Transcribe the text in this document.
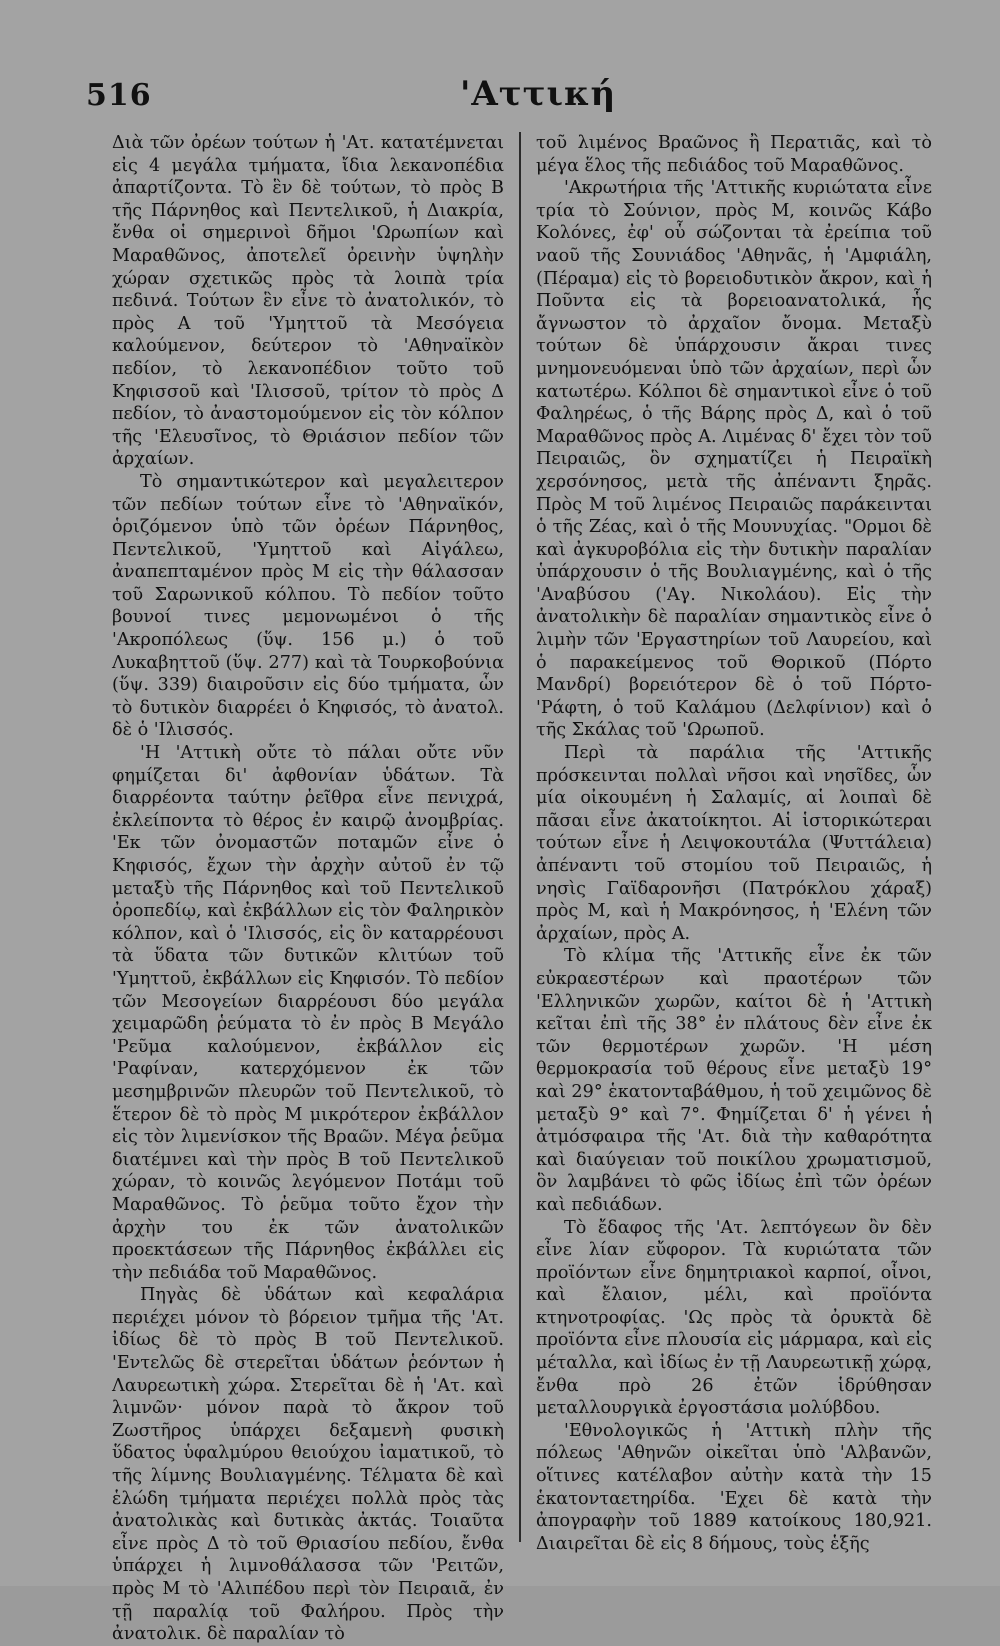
516	'Αττική

Διὰ τῶν ὀρέων τούτων ἡ 'Ατ. κατατέμνεται εἰς 4 μεγάλα τμήματα, ἴδια λεκανοπέδια ἀπαρτίζοντα. Τὸ ἓν δὲ τούτων, τὸ πρὸς Β τῆς Πάρνηθος καὶ Πεντελικοῦ, ἡ Διακρία, ἔνθα οἱ σημερινοὶ δῆμοι 'Ωρωπίων καὶ Μαραθῶνος, ἀποτελεῖ ὀρεινὴν ὑψηλὴν χώραν σχετικῶς πρὸς τὰ λοιπὰ τρία πεδινά. Τούτων ἓν εἶνε τὸ ἀνατολικόν, τὸ πρὸς Α τοῦ 'Υμηττοῦ τὰ Μεσόγεια καλούμενον, δεύτερον τὸ 'Αθηναϊκὸν πεδίον, τὸ λεκανοπέδιον τοῦτο τοῦ Κηφισσοῦ καὶ 'Ιλισσοῦ, τρίτον τὸ πρὸς Δ πεδίον, τὸ ἀναστομούμενον εἰς τὸν κόλπον τῆς 'Ελευσῖνος, τὸ Θριάσιον πεδίον τῶν ἀρχαίων.

Τὸ σημαντικώτερον καὶ μεγαλειτερον τῶν πεδίων τούτων εἶνε τὸ 'Αθηναϊκόν, ὁριζόμενον ὑπὸ τῶν ὀρέων Πάρνηθος, Πεντελικοῦ, 'Υμηττοῦ καὶ Αἰγάλεω, ἀναπεπταμένον πρὸς Μ εἰς τὴν θάλασσαν τοῦ Σαρωνικοῦ κόλπου. Τὸ πεδίον τοῦτο βουνοί τινες μεμονωμένοι ὁ τῆς 'Ακροπόλεως (ὕψ. 156 μ.) ὁ τοῦ Λυκαβηττοῦ (ὕψ. 277) καὶ τὰ Τουρκοβούνια (ὕψ. 339) διαιροῦσιν εἰς δύο τμήματα, ὧν τὸ δυτικὸν διαρρέει ὁ Κηφισός, τὸ ἀνατολ. δὲ ὁ 'Ιλισσός.

'Η 'Αττικὴ οὔτε τὸ πάλαι οὔτε νῦν φημίζεται δι' ἀφθονίαν ὑδάτων. Τὰ διαρρέοντα ταύτην ῥεῖθρα εἶνε πενιχρά, ἐκλείποντα τὸ θέρος ἐν καιρῷ ἀνομβρίας. 'Εκ τῶν ὀνομαστῶν ποταμῶν εἶνε ὁ Κηφισός, ἔχων τὴν ἀρχὴν αὐτοῦ ἐν τῷ μεταξὺ τῆς Πάρνηθος καὶ τοῦ Πεντελικοῦ ὀροπεδίῳ, καὶ ἐκβάλλων εἰς τὸν Φαληρικὸν κόλπον, καὶ ὁ 'Ιλισσός, εἰς ὃν καταρρέουσι τὰ ὕδατα τῶν δυτικῶν κλιτύων τοῦ 'Υμηττοῦ, ἐκβάλλων εἰς Κηφισόν. Τὸ πεδίον τῶν Μεσογείων διαρρέουσι δύο μεγάλα χειμαρῶδη ῥεύματα τὸ ἐν πρὸς Β Μεγάλο 'Ρεῦμα καλούμενον, ἐκβάλλον εἰς 'Ραφίναν, κατερχόμενον ἐκ τῶν μεσημβρινῶν πλευρῶν τοῦ Πεντελικοῦ, τὸ ἕτερον δὲ τὸ πρὸς Μ μικρότερον ἐκβάλλον εἰς τὸν λιμενίσκον τῆς Βραῶν. Μέγα ῥεῦμα διατέμνει καὶ τὴν πρὸς Β τοῦ Πεντελικοῦ χώραν, τὸ κοινῶς λεγόμενον Ποτάμι τοῦ Μαραθῶνος. Τὸ ῥεῦμα τοῦτο ἔχον τὴν ἀρχὴν του ἐκ τῶν ἀνατολικῶν προεκτάσεων τῆς Πάρνηθος ἐκβάλλει εἰς τὴν πεδιάδα τοῦ Μαραθῶνος.

Πηγὰς δὲ ὑδάτων καὶ κεφαλάρια περιέχει μόνον τὸ βόρειον τμῆμα τῆς 'Ατ. ἰδίως δὲ τὸ πρὸς Β τοῦ Πεντελικοῦ. 'Εντελῶς δὲ στερεῖται ὑδάτων ῥεόντων ἡ Λαυρεωτικὴ χώρα. Στερεῖται δὲ ἡ 'Ατ. καὶ λιμνῶν· μόνον παρὰ τὸ ἄκρον τοῦ Ζωστῆρος ὑπάρχει δεξαμενὴ φυσικὴ ὕδατος ὑφαλμύρου θειούχου ἰαματικοῦ, τὸ τῆς λίμνης Βουλιαγμένης. Τέλματα δὲ καὶ ἑλώδη τμήματα περιέχει πολλὰ πρὸς τὰς ἀνατολικὰς καὶ δυτικὰς ἀκτάς. Τοιαῦτα εἶνε πρὸς Δ τὸ τοῦ Θριασίου πεδίου, ἔνθα ὑπάρχει ἡ λιμνοθάλασσα τῶν 'Ρειτῶν, πρὸς Μ τὸ 'Αλιπέδου περὶ τὸν Πειραιᾶ, ἐν τῇ παραλίᾳ τοῦ Φαλήρου. Πρὸς τὴν ἀνατολικ. δὲ παραλίαν τὸ

τοῦ λιμένος Βραῶνος ἢ Περατιᾶς, καὶ τὸ μέγα ἕλος τῆς πεδιάδος τοῦ Μαραθῶνος.

'Ακρωτήρια τῆς 'Αττικῆς κυριώτατα εἶνε τρία τὸ Σούνιον, πρὸς Μ, κοινῶς Κάβο Κολόνες, ἐφ' οὗ σώζονται τὰ ἐρείπια τοῦ ναοῦ τῆς Σουνιάδος 'Αθηνᾶς, ἡ 'Αμφιάλη, (Πέραμα) εἰς τὸ βορειοδυτικὸν ἄκρον, καὶ ἡ Ποῦντα εἰς τὰ βορειοανατολικά, ἧς ἄγνωστον τὸ ἀρχαῖον ὄνομα. Μεταξὺ τούτων δὲ ὑπάρχουσιν ἄκραι τινες μνημονευόμεναι ὑπὸ τῶν ἀρχαίων, περὶ ὧν κατωτέρω. Κόλποι δὲ σημαντικοὶ εἶνε ὁ τοῦ Φαληρέως, ὁ τῆς Βάρης πρὸς Δ, καὶ ὁ τοῦ Μαραθῶνος πρὸς Α. Λιμένας δ' ἔχει τὸν τοῦ Πειραιῶς, ὃν σχηματίζει ἡ Πειραϊκὴ χερσόνησος, μετὰ τῆς ἀπέναντι ξηρᾶς. Πρὸς Μ τοῦ λιμένος Πειραιῶς παράκεινται ὁ τῆς Ζέας, καὶ ὁ τῆς Μουνυχίας. "Ορμοι δὲ καὶ ἀγκυροβόλια εἰς τὴν δυτικὴν παραλίαν ὑπάρχουσιν ὁ τῆς Βουλιαγμένης, καὶ ὁ τῆς 'Αναβύσου ('Αγ. Νικολάου). Εἰς τὴν ἀνατολικὴν δὲ παραλίαν σημαντικὸς εἶνε ὁ λιμὴν τῶν 'Εργαστηρίων τοῦ Λαυρείου, καὶ ὁ παρακείμενος τοῦ Θορικοῦ (Πόρτο Μανδρί) βορειότερον δὲ ὁ τοῦ Πόρτο-'Ράφτη, ὁ τοῦ Καλάμου (Δελφίνιον) καὶ ὁ τῆς Σκάλας τοῦ 'Ωρωποῦ.

Περὶ τὰ παράλια τῆς 'Αττικῆς πρόσκεινται πολλαὶ νῆσοι καὶ νησῖδες, ὧν μία οἰκουμένη ἡ Σαλαμίς, αἱ λοιπαὶ δὲ πᾶσαι εἶνε ἀκατοίκητοι. Αἱ ἱστορικώτεραι τούτων εἶνε ἡ Λειψοκουτάλα (Ψυττάλεια) ἀπέναντι τοῦ στομίου τοῦ Πειραιῶς, ἡ νησὶς Γαϊδαρονῆσι (Πατρόκλου χάραξ) πρὸς Μ, καὶ ἡ Μακρόνησος, ἡ 'Ελένη τῶν ἀρχαίων, πρὸς Α.

Τὸ κλίμα τῆς 'Αττικῆς εἶνε ἐκ τῶν εὐκραεστέρων καὶ πραοτέρων τῶν 'Ελληνικῶν χωρῶν, καίτοι δὲ ἡ 'Αττικὴ κεῖται ἐπὶ τῆς 38° ἐν πλάτους δὲν εἶνε ἐκ τῶν θερμοτέρων χωρῶν. 'Η μέση θερμοκρασία τοῦ θέρους εἶνε μεταξὺ 19° καὶ 29° ἑκατονταβάθμου, ἡ τοῦ χειμῶνος δὲ μεταξὺ 9° καὶ 7°. Φημίζεται δ' ἡ γένει ἡ ἀτμόσφαιρα τῆς 'Ατ. διὰ τὴν καθαρότητα καὶ διαύγειαν τοῦ ποικίλου χρωματισμοῦ, ὃν λαμβάνει τὸ φῶς ἰδίως ἐπὶ τῶν ὀρέων καὶ πεδιάδων.

Τὸ ἔδαφος τῆς 'Ατ. λεπτόγεων ὂν δὲν εἶνε λίαν εὔφορον. Τὰ κυριώτατα τῶν προϊόντων εἶνε δημητριακοὶ καρποί, οἶνοι, καὶ ἔλαιον, μέλι, καὶ προϊόντα κτηνοτροφίας. 'Ως πρὸς τὰ ὀρυκτὰ δὲ προϊόντα εἶνε πλουσία εἰς μάρμαρα, καὶ εἰς μέταλλα, καὶ ἰδίως ἐν τῇ Λαυρεωτικῇ χώρᾳ, ἔνθα πρὸ 26 ἐτῶν ἱδρύθησαν μεταλλουργικὰ ἐργοστάσια μολύβδου.

'Εθνολογικῶς ἡ 'Αττικὴ πλὴν τῆς πόλεως 'Αθηνῶν οἰκεῖται ὑπὸ 'Αλβανῶν, οἵτινες κατέλαβον αὐτὴν κατὰ τὴν 15 ἑκατονταετηρίδα. 'Εχει δὲ κατὰ τὴν ἀπογραφὴν τοῦ 1889 κατοίκους 180,921. Διαιρεῖται δὲ εἰς 8 δήμους, τοὺς ἑξῆς
